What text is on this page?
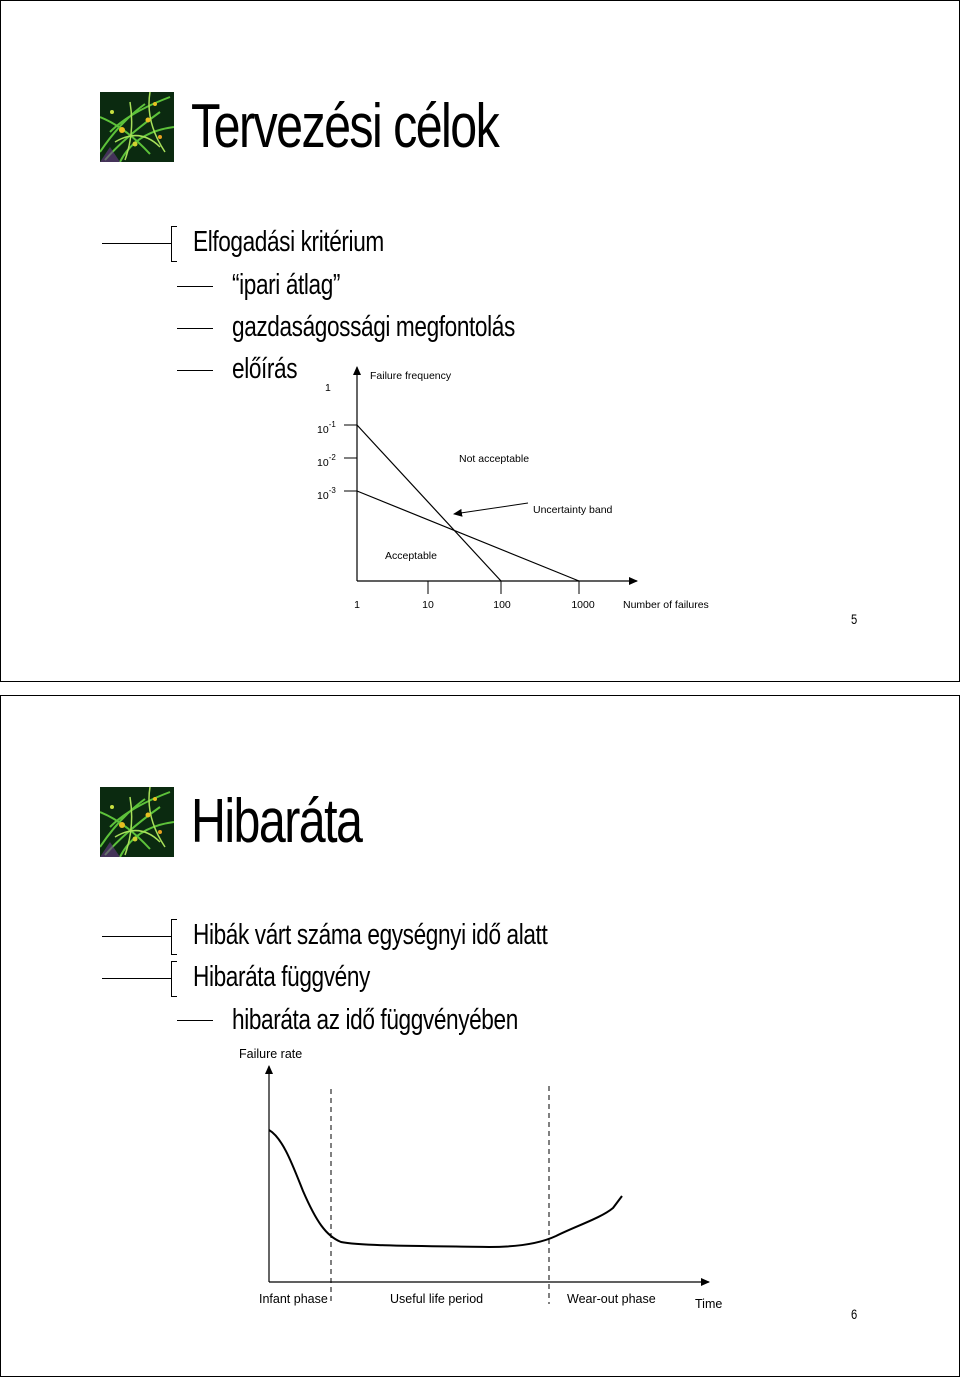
Tervezési célok
Elfogadási kritérium
“ipari átlag”
gazdaságossági megfontolás
előírás
1
Failure frequency
$10^{-1}$
$10^{-2}$
$10^{-3}$
1	10	100	1000	Number of failures
Not acceptable
Uncertainty band
Acceptable
5
Hibaráta
Hibák várt száma egységnyi idő alatt
Hibaráta függvény
hibaráta az idő függvényében
Failure rate
Time
Infant phase	Useful life period	Wear-out phase
6
